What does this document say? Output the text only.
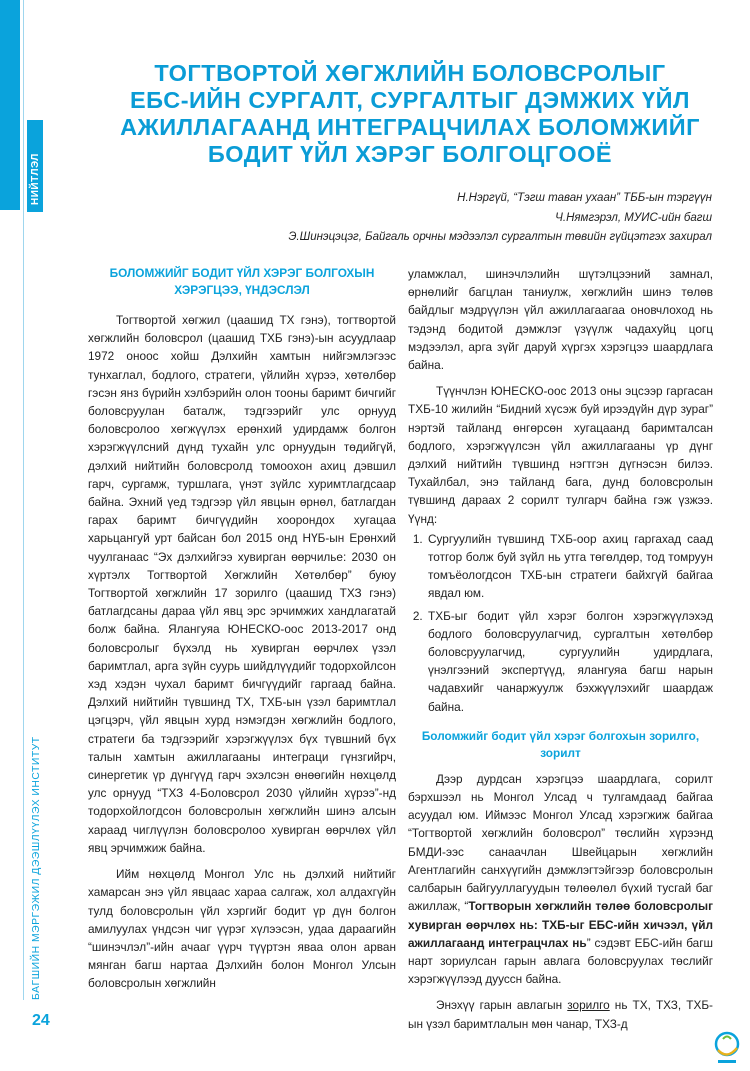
НИЙТЛЭЛ
БАГШИЙН МЭРГЭЖИЛ ДЭЭШЛҮҮЛЭХ ИНСТИТУТ
ТОГТВОРТОЙ ХӨГЖЛИЙН БОЛОВСРОЛЫГ
ЕБС-ИЙН СУРГАЛТ, СУРГАЛТЫГ ДЭМЖИХ ҮЙЛ
АЖИЛЛАГААНД ИНТЕГРАЦЧИЛАХ БОЛОМЖИЙГ
БОДИТ ҮЙЛ ХЭРЭГ БОЛГОЦГООЁ
Н.Нэргүй, “Тэгш таван ухаан” ТББ-ын тэргүүн
Ч.Нямгэрэл, МУИС-ийн багш
Э.Шинэцэцэг, Байгаль орчны мэдээлэл сургалтын төвийн гүйцэтгэх захирал
БОЛОМЖИЙГ БОДИТ ҮЙЛ ХЭРЭГ БОЛГОХЫН ХЭРЭГЦЭЭ, ҮНДЭСЛЭЛ

Тогтвортой хөгжил (цаашид ТХ гэнэ), тогтвортой хөгжлийн боловсрол (цаашид ТХБ гэнэ)-ын асуудлаар 1972 оноос хойш Дэлхийн хамтын нийгэмлэгээс тунхаглал, бодлого, стратеги, үйлийн хүрээ, хөтөлбөр гэсэн янз бүрийн хэлбэрийн олон тооны баримт бичгийг боловсруулан баталж, тэдгээрийг улс орнууд боловсролоо хөгжүүлэх ерөнхий удирдамж болгон хэрэгжүүлсний дүнд тухайн улс орнуудын төдийгүй, дэлхий нийтийн боловсролд томоохон ахиц дэвшил гарч, сургамж, туршлага, үнэт зүйлс хуримтлагдсаар байна. Эхний үед тэдгээр үйл явцын өрнөл, батлагдан гарах баримт бичгүүдийн хоорондох хугацаа харьцангуй урт байсан бол 2015 онд НҮБ-ын Ерөнхий чуулганаас “Эх дэлхийгээ хувирган өөрчилье: 2030 он хүртэлх Тогтвортой Хөгжлийн Хөтөлбөр” буюу Тогтвортой хөгжлийн 17 зорилго (цаашид ТХЗ гэнэ) батлагдсаны дараа үйл явц эрс эрчимжих хандлагатай болж байна. Ялангуяа ЮНЕСКО-оос 2013-2017 онд боловсролыг бүхэлд нь хувирган өөрчлөх үзэл баримтлал, арга зүйн суурь шийдлүүдийг тодорхойлсон хэд хэдэн чухал баримт бичгүүдийг гаргаад байна. Дэлхий нийтийн түвшинд ТХ, ТХБ-ын үзэл баримтлал цэгцэрч, үйл явцын хурд нэмэгдэн хөгжлийн бодлого, стратеги ба тэдгээрийг хэрэгжүүлэх бүх түвшний бүх талын хамтын ажиллагааны интеграци гүнзгийрч, синергетик үр дүнгүүд гарч эхэлсэн өнөөгийн нөхцөлд улс орнууд “ТХЗ 4-Боловсрол 2030 үйлийн хүрээ”-нд тодорхойлогдсон боловсролын хөгжлийн шинэ алсын хараад чиглүүлэн боловсролоо хувирган өөрчлөх үйл явц эрчимжиж байна.

Ийм нөхцөлд Монгол Улс нь дэлхий нийтийг хамарсан энэ үйл явцаас хараа салгаж, хол алдахгүйн тулд боловсролын үйл хэргийг бодит үр дүн болгон амилуулах үндсэн чиг үүрэг хүлээсэн, удаа дараагийн “шинэчлэл”-ийн ачааг үүрч түүртэн яваа олон арван мянган багш нартаа Дэлхийн болон Монгол Улсын боловсролын хөгжлийн

уламжлал, шинэчлэлийн шүтэлцээний замнал, өрнөлийг багцлан таниулж, хөгжлийн шинэ төлөв байдлыг мэдрүүлэн үйл ажиллагаагаа оновчлоход нь тэдэнд бодитой дэмжлэг үзүүлж чадахуйц цогц мэдээлэл, арга зүйг даруй хүргэх хэрэгцээ шаардлага байна.

Түүнчлэн ЮНЕСКО-оос 2013 оны эцсээр гаргасан ТХБ-10 жилийн “Бидний хүсэж буй ирээдүйн дүр зураг” нэртэй тайланд өнгөрсөн хугацаанд баримталсан бодлого, хэрэгжүүлсэн үйл ажиллагааны үр дүнг дэлхий нийтийн түвшинд нэгтгэн дүгнэсэн билээ. Тухайлбал, энэ тайланд бага, дунд боловсролын түвшинд дараах 2 сорилт тулгарч байна гэж үзжээ. Үүнд:

1. Сургуулийн түвшинд ТХБ-оор ахиц гаргахад саад тотгор болж буй зүйл нь утга төгөлдөр, тод томруун томъёологдсон ТХБ-ын стратеги байхгүй байгаа явдал юм.
2. ТХБ-ыг бодит үйл хэрэг болгон хэрэгжүүлэхэд бодлого боловсруулагчид, сургалтын хөтөлбөр боловсруулагчид, сургуулийн удирдлага, үнэлгээний экспертүүд, ялангуяа багш нарын чадавхийг чанаржуулж бэхжүүлэхийг шаардаж байна.
Боломжийг бодит үйл хэрэг болгохын зорилго, зорилт

Дээр дурдсан хэрэгцээ шаардлага, сорилт бэрхшээл нь Монгол Улсад ч тулгамдаад байгаа асуудал юм. Иймээс Монгол Улсад хэрэгжиж байгаа “Тогтвортой хөгжлийн боловсрол” төслийн хүрээнд БМДИ-ээс санаачлан Швейцарын хөгжлийн Агентлагийн санхүүгийн дэмжлэгтэйгээр боловсролын салбарын байгууллагуудын төлөөлөл бүхий тусгай баг ажиллаж, “Тогтворын хөгжлийн төлөө боловсролыг хувирган өөрчлөх нь: ТХБ-ыг ЕБС-ийн хичээл, үйл ажиллагаанд интеграцчлах нь” сэдэвт ЕБС-ийн багш нарт зориулсан гарын авлага боловсруулах төслийг хэрэгжүүлээд дууссн байна.

Энэхүү гарын авлагын зорилго нь ТХ, ТХЗ, ТХБ-ын үзэл баримтлалын мөн чанар, ТХЗ-д

24
